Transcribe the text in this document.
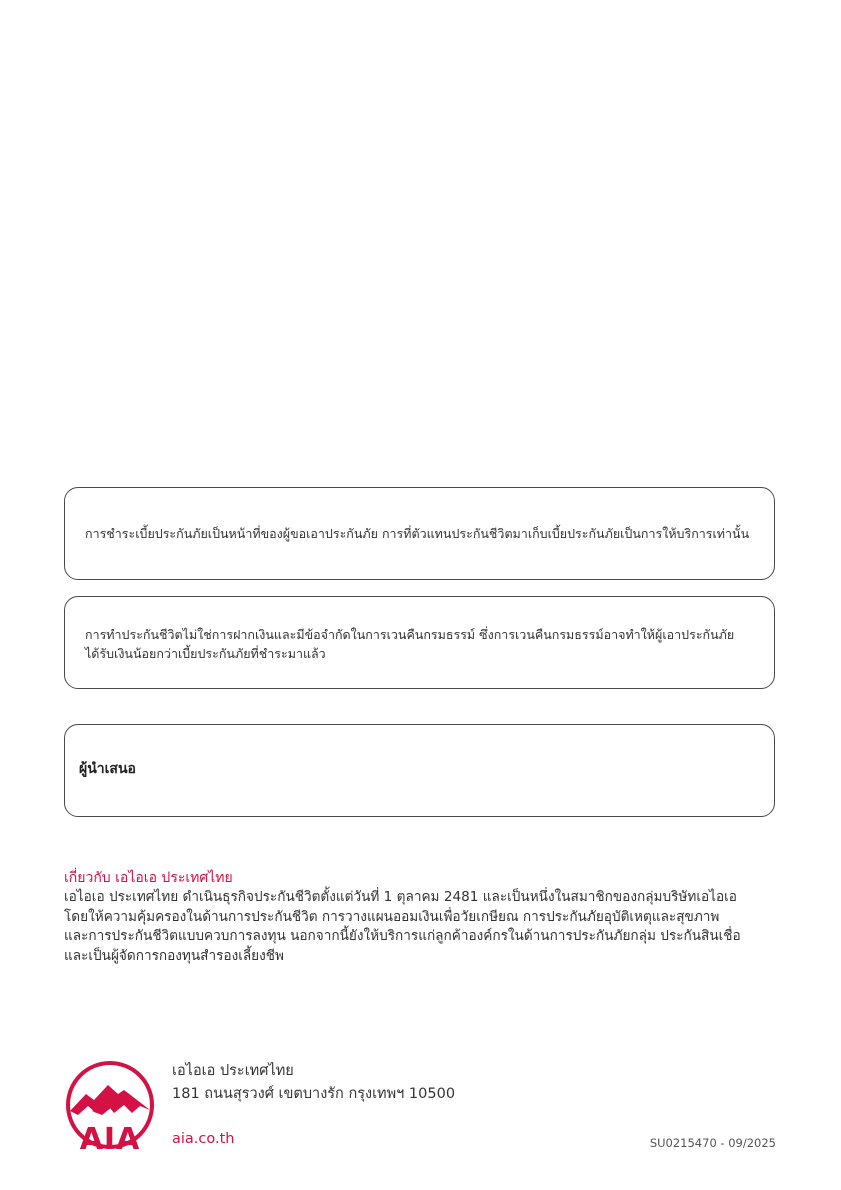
การชำระเบี้ยประกันภัยเป็นหน้าที่ของผู้ขอเอาประกันภัย การที่ตัวแทนประกันชีวิตมาเก็บเบี้ยประกันภัยเป็นการให้บริการเท่านั้น
การทำประกันชีวิตไม่ใช่การฝากเงินและมีข้อจำกัดในการเวนคืนกรมธรรม์ ซึ่งการเวนคืนกรมธรรม์อาจทำให้ผู้เอาประกันภัย
ได้รับเงินน้อยกว่าเบี้ยประกันภัยที่ชำระมาแล้ว
ผู้นำเสนอ
เกี่ยวกับ เอไอเอ ประเทศไทย
เอไอเอ ประเทศไทย ดำเนินธุรกิจประกันชีวิตตั้งแต่วันที่ 1 ตุลาคม 2481 และเป็นหนึ่งในสมาชิกของกลุ่มบริษัทเอไอเอ
โดยให้ความคุ้มครองในด้านการประกันชีวิต การวางแผนออมเงินเพื่อวัยเกษียณ การประกันภัยอุบัติเหตุและสุขภาพ
และการประกันชีวิตแบบควบการลงทุน นอกจากนี้ยังให้บริการแก่ลูกค้าองค์กรในด้านการประกันภัยกลุ่ม ประกันสินเชื่อ
และเป็นผู้จัดการกองทุนสำรองเลี้ยงชีพ
AIA
เอไอเอ ประเทศไทย
181 ถนนสุรวงศ์ เขตบางรัก กรุงเทพฯ 10500
aia.co.th	SU0215470 - 09/2025
